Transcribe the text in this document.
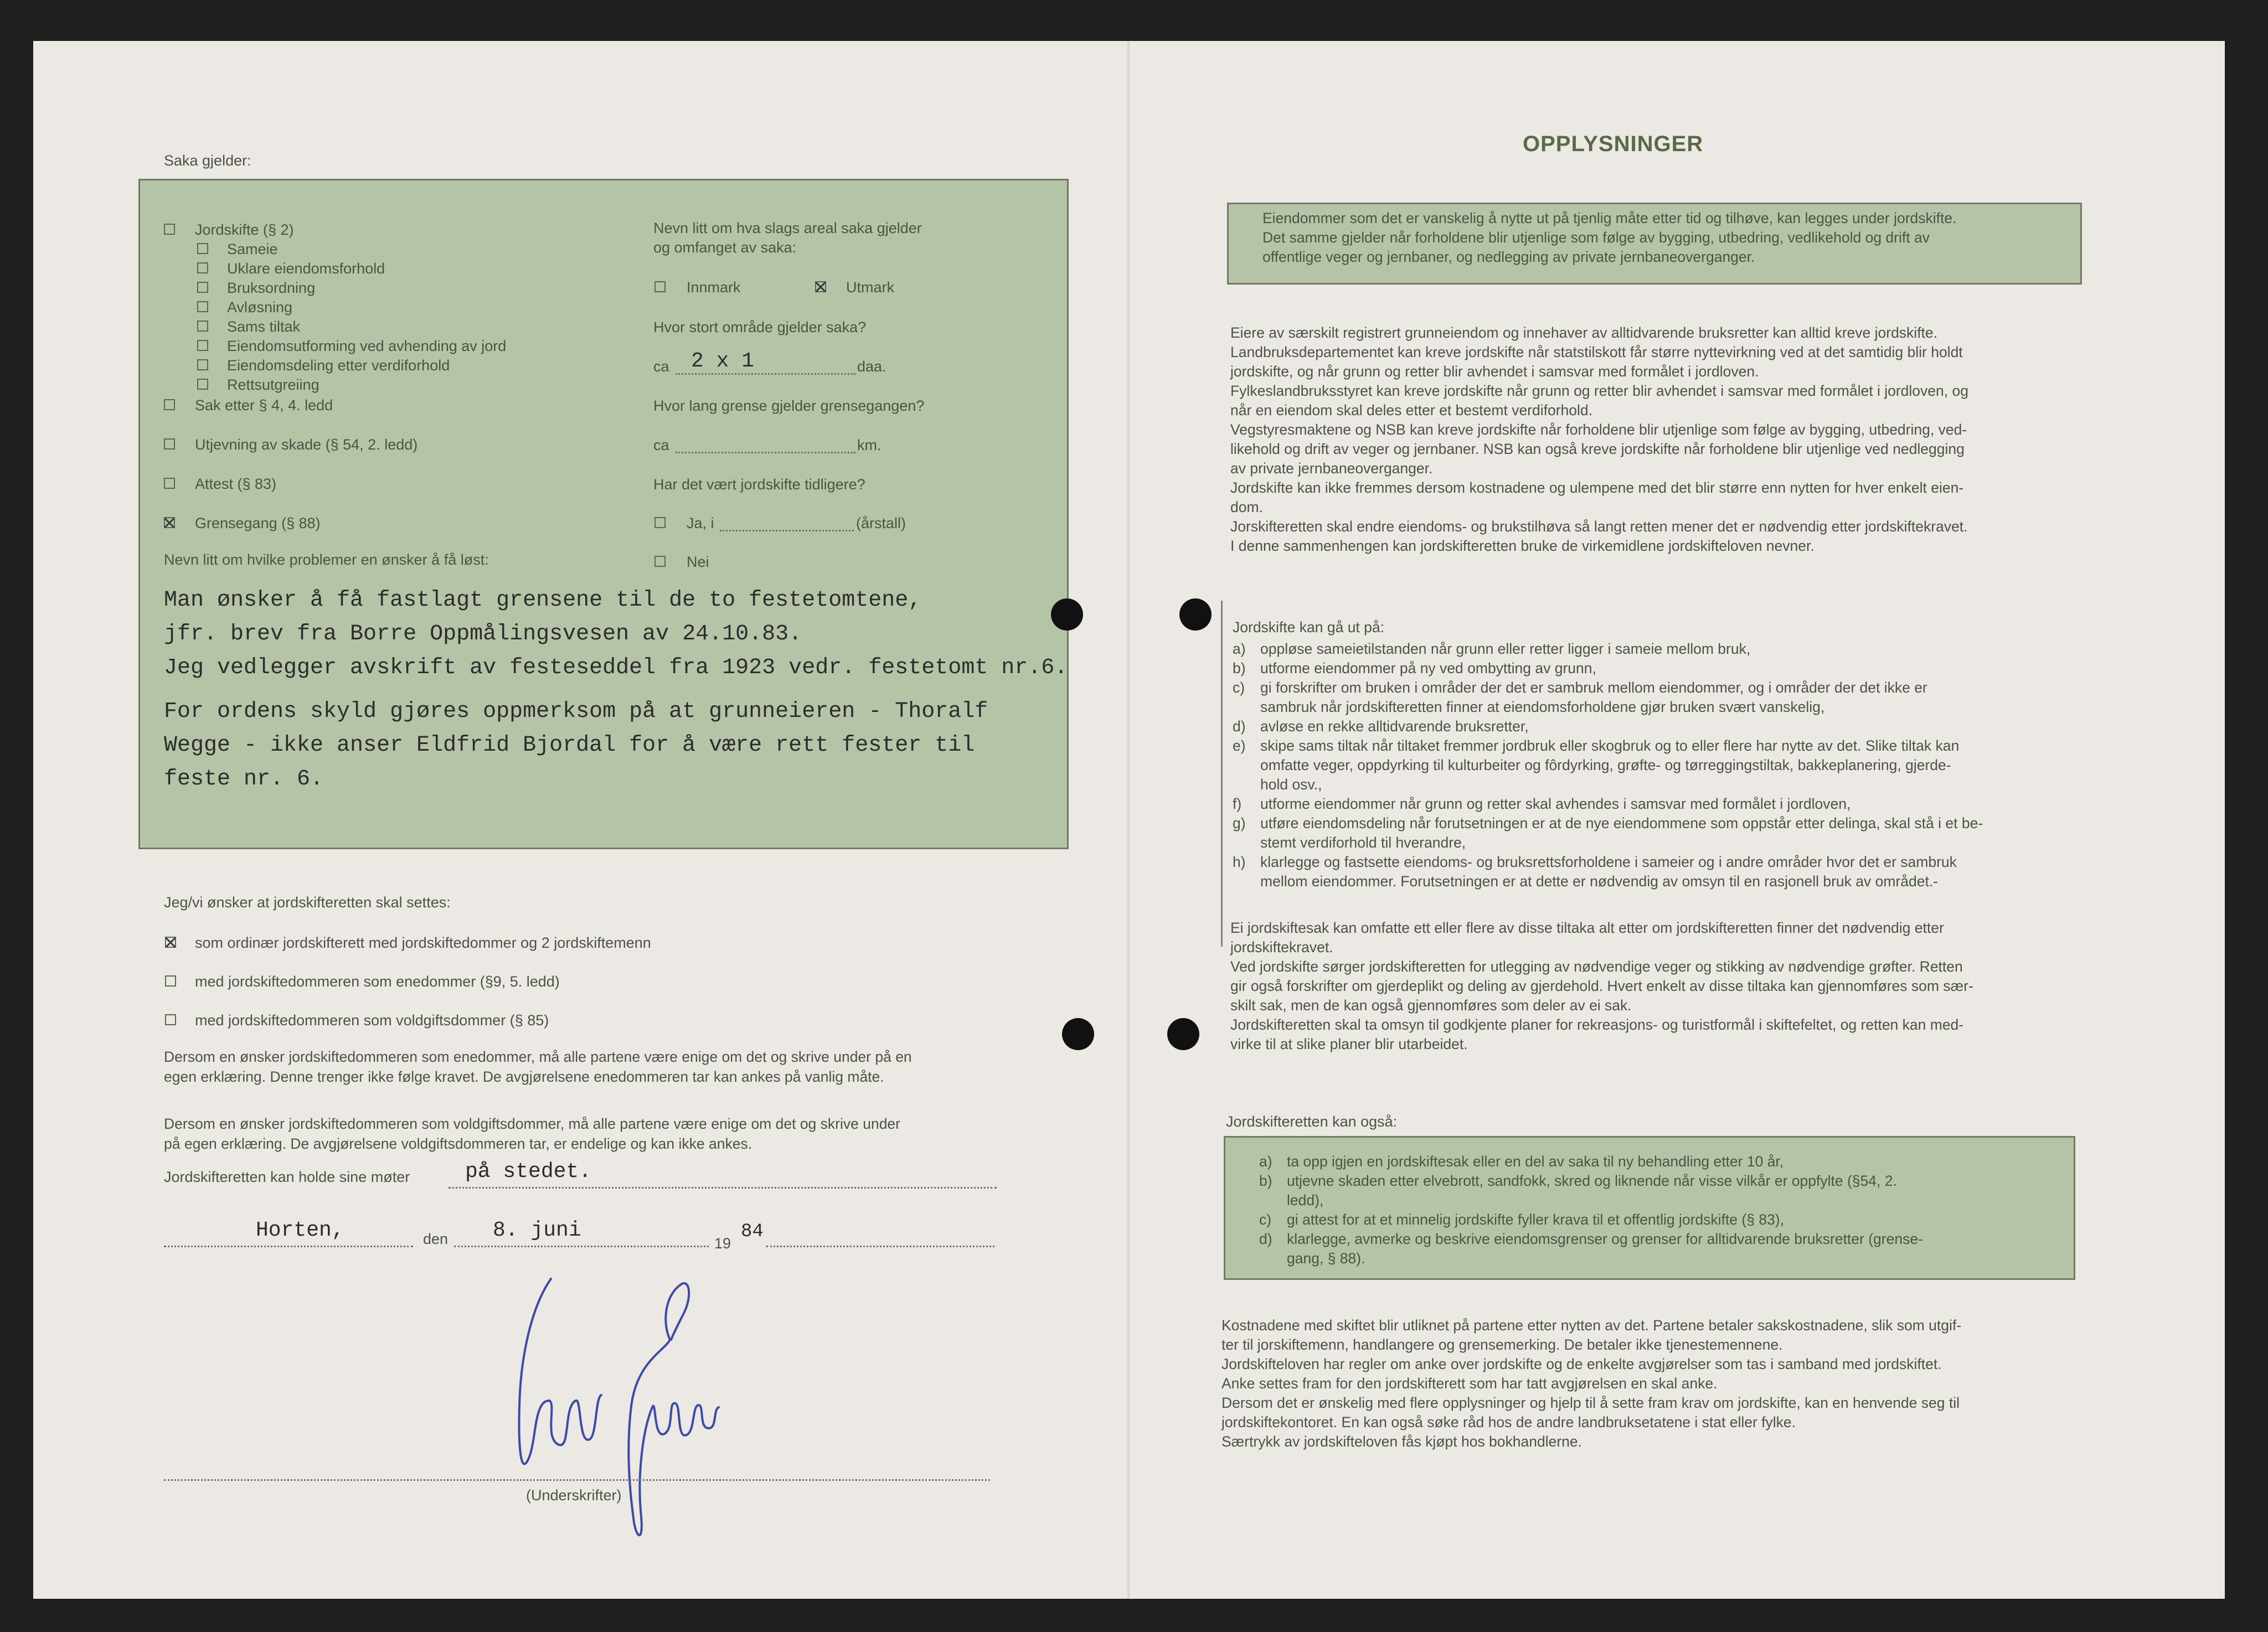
Saka gjelder:
Nevn litt om hva slags areal saka gjelder
og omfanget av saka:
Innmark	Utmark
Hvor stort område gjelder saka?
ca 2 x 1	daa.
Hvor lang grense gjelder grensegangen?
ca	km.
Har det vært jordskifte tidligere?
Ja, i	(årstall)
Nei
Nevn litt om hvilke problemer en ønsker å få løst:
Man ønsker å få fastlagt grensene til de to festetomtene,
jfr. brev fra Borre Oppmålingsvesen av 24.10.83.
Jeg vedlegger avskrift av festeseddel fra 1923 vedr. festetomt nr.6.
For ordens skyld gjøres oppmerksom på at grunneieren - Thoralf
Wegge - ikke anser Eldfrid Bjordal for å være rett fester til
feste nr. 6.
Jeg/vi ønsker at jordskifteretten skal settes:
Dersom en ønsker jordskiftedommeren som enedommer, må alle partene være enige om det og skrive under på en
egen erklæring. Denne trenger ikke følge kravet. De avgjørelsene enedommeren tar kan ankes på vanlig måte.
Dersom en ønsker jordskiftedommeren som voldgiftsdommer, må alle partene være enige om det og skrive under
på egen erklæring. De avgjørelsene voldgiftsdommeren tar, er endelige og kan ikke ankes.
Jordskifteretten kan holde sine møter	på stedet.
Horten,	den 8. juni
19
84
(Underskrifter)
OPPLYSNINGER
Eiendommer som det er vanskelig å nytte ut på tjenlig måte etter tid og tilhøve, kan legges under jordskifte.
Det samme gjelder når forholdene blir utjenlige som følge av bygging, utbedring, vedlikehold og drift av
offentlige veger og jernbaner, og nedlegging av private jernbaneoverganger.
Eiere av særskilt registrert grunneiendom og innehaver av alltidvarende bruksretter kan alltid kreve jordskifte.
Landbruksdepartementet kan kreve jordskifte når statstilskott får større nyttevirkning ved at det samtidig blir holdt
jordskifte, og når grunn og retter blir avhendet i samsvar med formålet i jordloven.
Fylkeslandbruksstyret kan kreve jordskifte når grunn og retter blir avhendet i samsvar med formålet i jordloven, og
når en eiendom skal deles etter et bestemt verdiforhold.
Vegstyresmaktene og NSB kan kreve jordskifte når forholdene blir utjenlige som følge av bygging, utbedring, ved-
likehold og drift av veger og jernbaner. NSB kan også kreve jordskifte når forholdene blir utjenlige ved nedlegging
av private jernbaneoverganger.
Jordskifte kan ikke fremmes dersom kostnadene og ulempene med det blir større enn nytten for hver enkelt eien-
dom.
Jorskifteretten skal endre eiendoms- og brukstilhøva så langt retten mener det er nødvendig etter jordskiftekravet.
I denne sammenhengen kan jordskifteretten bruke de virkemidlene jordskifteloven nevner.
Jordskifte kan gå ut på:
a) oppløse sameietilstanden når grunn eller retter ligger i sameie mellom bruk,
b) utforme eiendommer på ny ved ombytting av grunn,
c) gi forskrifter om bruken i områder der det er sambruk mellom eiendommer, og i områder der det ikke er
sambruk når jordskifteretten finner at eiendomsforholdene gjør bruken svært vanskelig,
d) avløse en rekke alltidvarende bruksretter,
e) skipe sams tiltak når tiltaket fremmer jordbruk eller skogbruk og to eller flere har nytte av det. Slike tiltak kan
omfatte veger, oppdyrking til kulturbeiter og fôrdyrking, grøfte- og tørreggingstiltak, bakkeplanering, gjerde-
hold osv.,
f) utforme eiendommer når grunn og retter skal avhendes i samsvar med formålet i jordloven,
g) utføre eiendomsdeling når forutsetningen er at de nye eiendommene som oppstår etter delinga, skal stå i et be-
stemt verdiforhold til hverandre,
h) klarlegge og fastsette eiendoms- og bruksrettsforholdene i sameier og i andre områder hvor det er sambruk
mellom eiendommer. Forutsetningen er at dette er nødvendig av omsyn til en rasjonell bruk av området.-
Ei jordskiftesak kan omfatte ett eller flere av disse tiltaka alt etter om jordskifteretten finner det nødvendig etter
jordskiftekravet.
Ved jordskifte sørger jordskifteretten for utlegging av nødvendige veger og stikking av nødvendige grøfter. Retten
gir også forskrifter om gjerdeplikt og deling av gjerdehold. Hvert enkelt av disse tiltaka kan gjennomføres som sær-
skilt sak, men de kan også gjennomføres som deler av ei sak.
Jordskifteretten skal ta omsyn til godkjente planer for rekreasjons- og turistformål i skiftefeltet, og retten kan med-
virke til at slike planer blir utarbeidet.
Jordskifteretten kan også:
a) ta opp igjen en jordskiftesak eller en del av saka til ny behandling etter 10 år,
b) utjevne skaden etter elvebrott, sandfokk, skred og liknende når visse vilkår er oppfylte (§54, 2.
ledd),
c) gi attest for at et minnelig jordskifte fyller krava til et offentlig jordskifte (§ 83),
d) klarlegge, avmerke og beskrive eiendomsgrenser og grenser for alltidvarende bruksretter (grense-
gang, § 88).
Kostnadene med skiftet blir utliknet på partene etter nytten av det. Partene betaler sakskostnadene, slik som utgif-
ter til jorskiftemenn, handlangere og grensemerking. De betaler ikke tjenestemennene.
Jordskifteloven har regler om anke over jordskifte og de enkelte avgjørelser som tas i samband med jordskiftet.
Anke settes fram for den jordskifterett som har tatt avgjørelsen en skal anke.
Dersom det er ønskelig med flere opplysninger og hjelp til å sette fram krav om jordskifte, kan en henvende seg til
jordskiftekontoret. En kan også søke råd hos de andre landbruksetatene i stat eller fylke.
Særtrykk av jordskifteloven fås kjøpt hos bokhandlerne.
Jordskifte (§ 2)
Sameie
Uklare eiendomsforhold
Bruksordning
Avløsning
Sams tiltak
Eiendomsutforming ved avhending av jord
Eiendomsdeling etter verdiforhold
Rettsutgreiing
Sak etter § 4, 4. ledd
Utjevning av skade (§ 54, 2. ledd)
Attest (§ 83)
Grensegang (§ 88)
som ordinær jordskifterett med jordskiftedommer og 2 jordskiftemenn
med jordskiftedommeren som enedommer (§9, 5. ledd)
med jordskiftedommeren som voldgiftsdommer (§ 85)
